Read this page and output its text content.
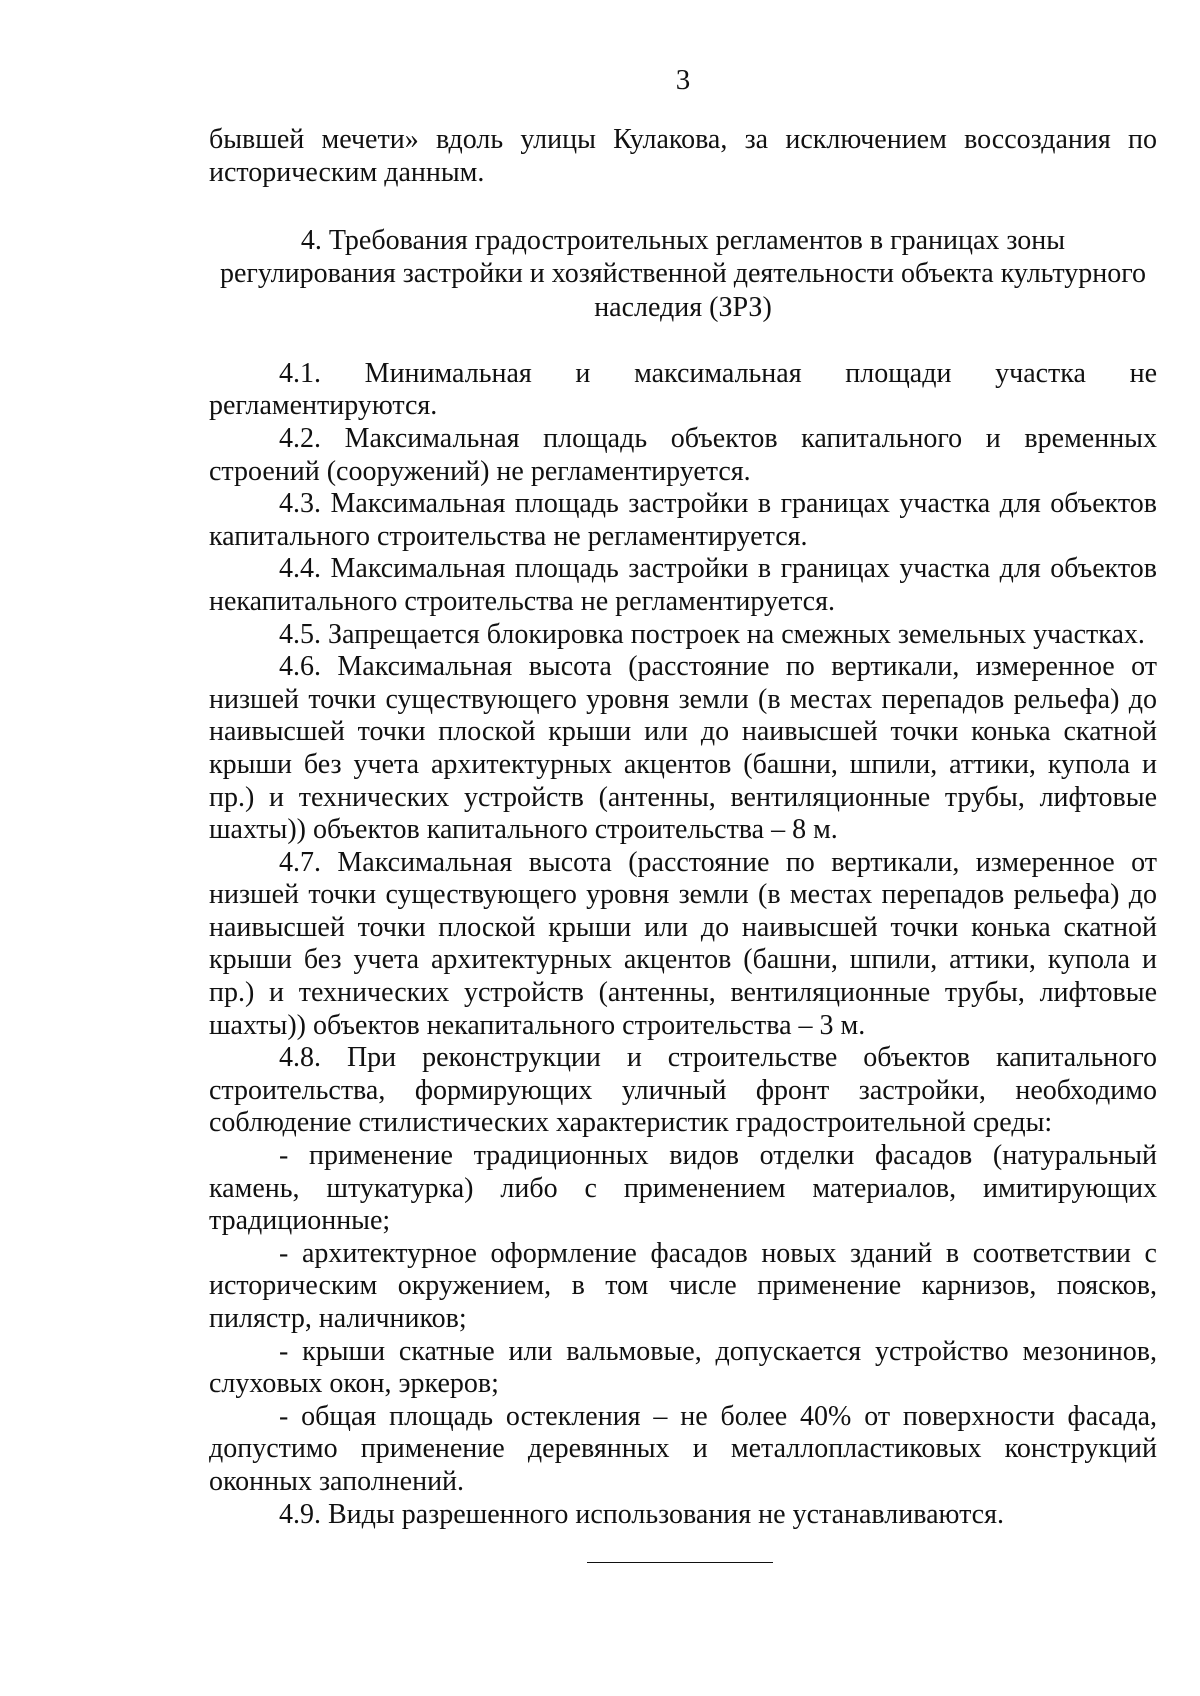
3

бывшей мечети» вдоль улицы Кулакова, за исключением воссоздания по историческим данным.

4. Требования градостроительных регламентов в границах зоны
регулирования застройки и хозяйственной деятельности объекта культурного
наследия (ЗРЗ)

4.1. Минимальная и максимальная площади участка не регламентируются.

4.2. Максимальная площадь объектов капитального и временных строений (сооружений) не регламентируется.

4.3. Максимальная площадь застройки в границах участка для объектов капитального строительства не регламентируется.

4.4. Максимальная площадь застройки в границах участка для объектов некапитального строительства не регламентируется.

4.5. Запрещается блокировка построек на смежных земельных участках.

4.6. Максимальная высота (расстояние по вертикали, измеренное от низшей точки существующего уровня земли (в местах перепадов рельефа) до наивысшей точки плоской крыши или до наивысшей точки конька скатной крыши без учета архитектурных акцентов (башни, шпили, аттики, купола и пр.) и технических устройств (антенны, вентиляционные трубы, лифтовые шахты)) объектов капитального строительства – 8 м.

4.7. Максимальная высота (расстояние по вертикали, измеренное от низшей точки существующего уровня земли (в местах перепадов рельефа) до наивысшей точки плоской крыши или до наивысшей точки конька скатной крыши без учета архитектурных акцентов (башни, шпили, аттики, купола и пр.) и технических устройств (антенны, вентиляционные трубы, лифтовые шахты)) объектов некапитального строительства – 3 м.

4.8. При реконструкции и строительстве объектов капитального строительства, формирующих уличный фронт застройки, необходимо соблюдение стилистических характеристик градостроительной среды:

- применение традиционных видов отделки фасадов (натуральный камень, штукатурка) либо с применением материалов, имитирующих традиционные;

- архитектурное оформление фасадов новых зданий в соответствии с историческим окружением, в том числе применение карнизов, поясков, пилястр, наличников;

- крыши скатные или вальмовые, допускается устройство мезонинов, слуховых окон, эркеров;

- общая площадь остекления – не более 40% от поверхности фасада, допустимо применение деревянных и металлопластиковых конструкций оконных заполнений.

4.9. Виды разрешенного использования не устанавливаются.
